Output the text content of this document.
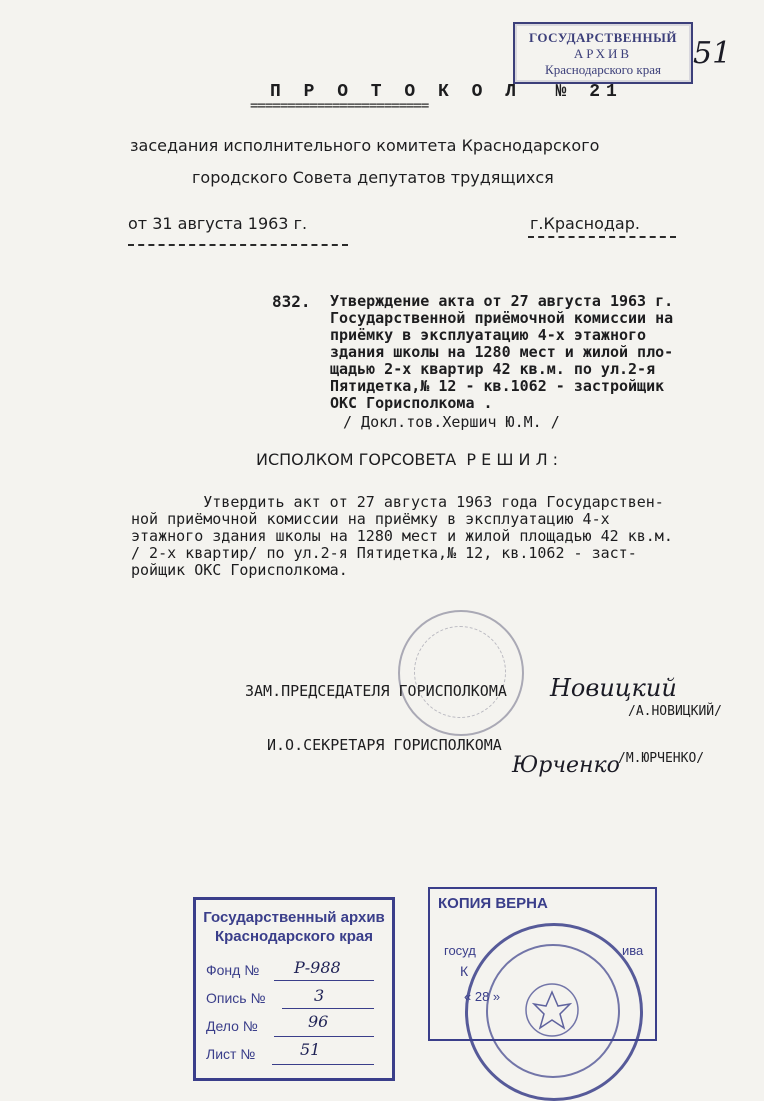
ГОСУДАРСТВЕННЫЙ
АРХИВ
Краснодарского края	51
П Р О Т О К О Л  № 21
========================
заседания исполнительного комитета Краснодарского
городского Совета депутатов трудящихся
от 31 августа 1963 г.	г.Краснодар.
832. Утверждение акта от 27 августа 1963 г.
Государственной приёмочной комиссии на
приёмку в эксплуатацию 4-х этажного
здания школы на 1280 мест и жилой пло-
щадью 2-х квартир 42 кв.м. по ул.2-я
Пятидетка,№ 12 - кв.1062 - застройщик
ОКС Горисполкома .
/ Докл.тов.Хершич Ю.М. /
ИСПОЛКОМ ГОРСОВЕТА  Р Е Ш И Л :
Утвердить акт от 27 августа 1963 года Государствен-
ной приёмочной комиссии на приёмку в эксплуатацию 4-х
этажного здания школы на 1280 мест и жилой площадью 42 кв.м.
/ 2-х квартир/ по ул.2-я Пятидетка,№ 12, кв.1062 - заст-
ройщик ОКС Горисполкома.
ЗАМ.ПРЕДСЕДАТЕЛЯ ГОРИСПОЛКОМА Новицкий
/А.НОВИЦКИЙ/
И.О.СЕКРЕТАРЯ ГОРИСПОЛКОМА
Юрченко
/М.ЮРЧЕНКО/
Государственный архив
Краснодарского края
Фонд № Р-988
Опись №	3
Дело №	96
Лист №	51
КОПИЯ ВЕРНА
госуд	ива
К
« 28 »
